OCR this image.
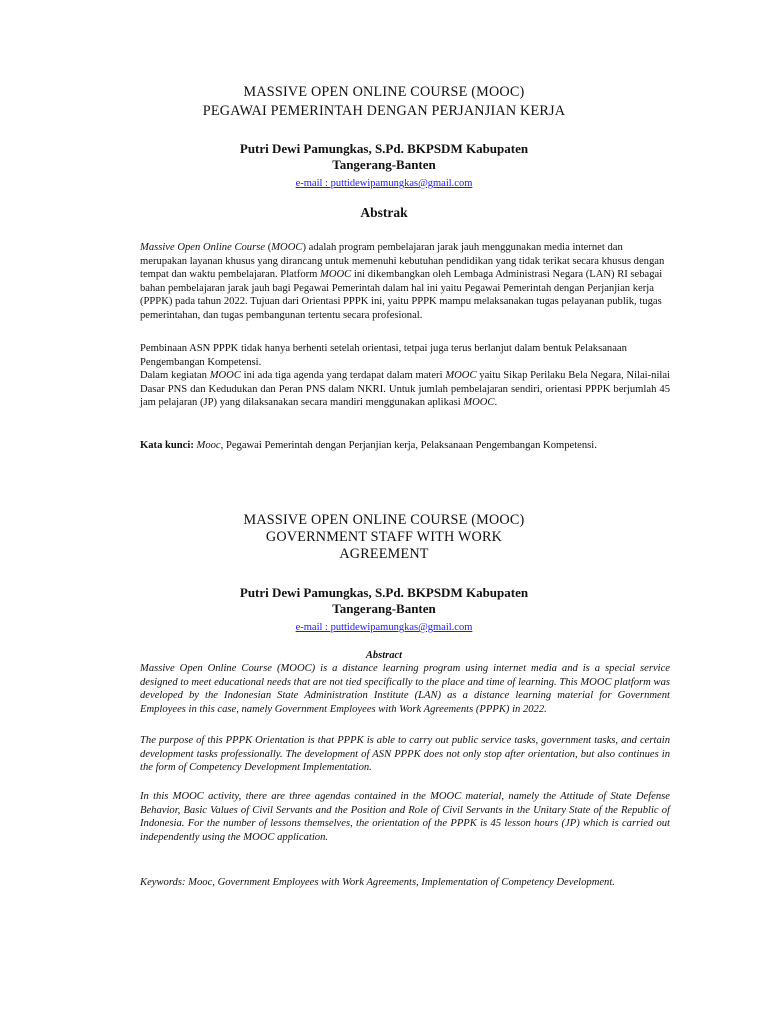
MASSIVE OPEN ONLINE COURSE (MOOC)

PEGAWAI PEMERINTAH DENGAN PERJANJIAN KERJA

Putri Dewi Pamungkas, S.Pd. BKPSDM Kabupaten

Tangerang-Banten

e-mail : puttidewipamungkas@gmail.com

Abstrak

Massive Open Online Course (MOOC) adalah program pembelajaran jarak jauh menggunakan media internet dan merupakan layanan khusus yang dirancang untuk memenuhi kebutuhan pendidikan yang tidak terikat secara khusus dengan tempat dan waktu pembelajaran. Platform MOOC ini dikembangkan oleh Lembaga Administrasi Negara (LAN) RI sebagai bahan pembelajaran jarak jauh bagi Pegawai Pemerintah dalam hal ini yaitu Pegawai Pemerintah dengan Perjanjian kerja (PPPK) pada tahun 2022. Tujuan dari Orientasi PPPK ini, yaitu PPPK mampu melaksanakan tugas pelayanan publik, tugas pemerintahan, dan tugas pembangunan tertentu secara profesional.

Pembinaan ASN PPPK tidak hanya berhenti setelah orientasi, tetpai juga terus berlanjut dalam bentuk Pelaksanaan Pengembangan Kompetensi.

Dalam kegiatan MOOC ini ada tiga agenda yang terdapat dalam materi MOOC yaitu Sikap Perilaku Bela Negara, Nilai-nilai Dasar PNS dan Kedudukan dan Peran PNS dalam NKRI. Untuk jumlah pembelajaran sendiri, orientasi PPPK berjumlah 45 jam pelajaran (JP) yang dilaksanakan secara mandiri menggunakan aplikasi MOOC.

Kata kunci: Mooc, Pegawai Pemerintah dengan Perjanjian kerja, Pelaksanaan Pengembangan Kompetensi.

MASSIVE OPEN ONLINE COURSE (MOOC)

GOVERNMENT STAFF WITH WORK

AGREEMENT

Putri Dewi Pamungkas, S.Pd. BKPSDM Kabupaten

Tangerang-Banten

e-mail : puttidewipamungkas@gmail.com

Abstract

Massive Open Online Course (MOOC) is a distance learning program using internet media and is a special service designed to meet educational needs that are not tied specifically to the place and time of learning. This MOOC platform was developed by the Indonesian State Administration Institute (LAN) as a distance learning material for Government Employees in this case, namely Government Employees with Work Agreements (PPPK) in 2022.

The purpose of this PPPK Orientation is that PPPK is able to carry out public service tasks, government tasks, and certain development tasks professionally. The development of ASN PPPK does not only stop after orientation, but also continues in the form of Competency Development Implementation.

In this MOOC activity, there are three agendas contained in the MOOC material, namely the Attitude of State Defense Behavior, Basic Values of Civil Servants and the Position and Role of Civil Servants in the Unitary State of the Republic of Indonesia. For the number of lessons themselves, the orientation of the PPPK is 45 lesson hours (JP) which is carried out independently using the MOOC application.

Keywords: Mooc, Government Employees with Work Agreements, Implementation of Competency Development.
